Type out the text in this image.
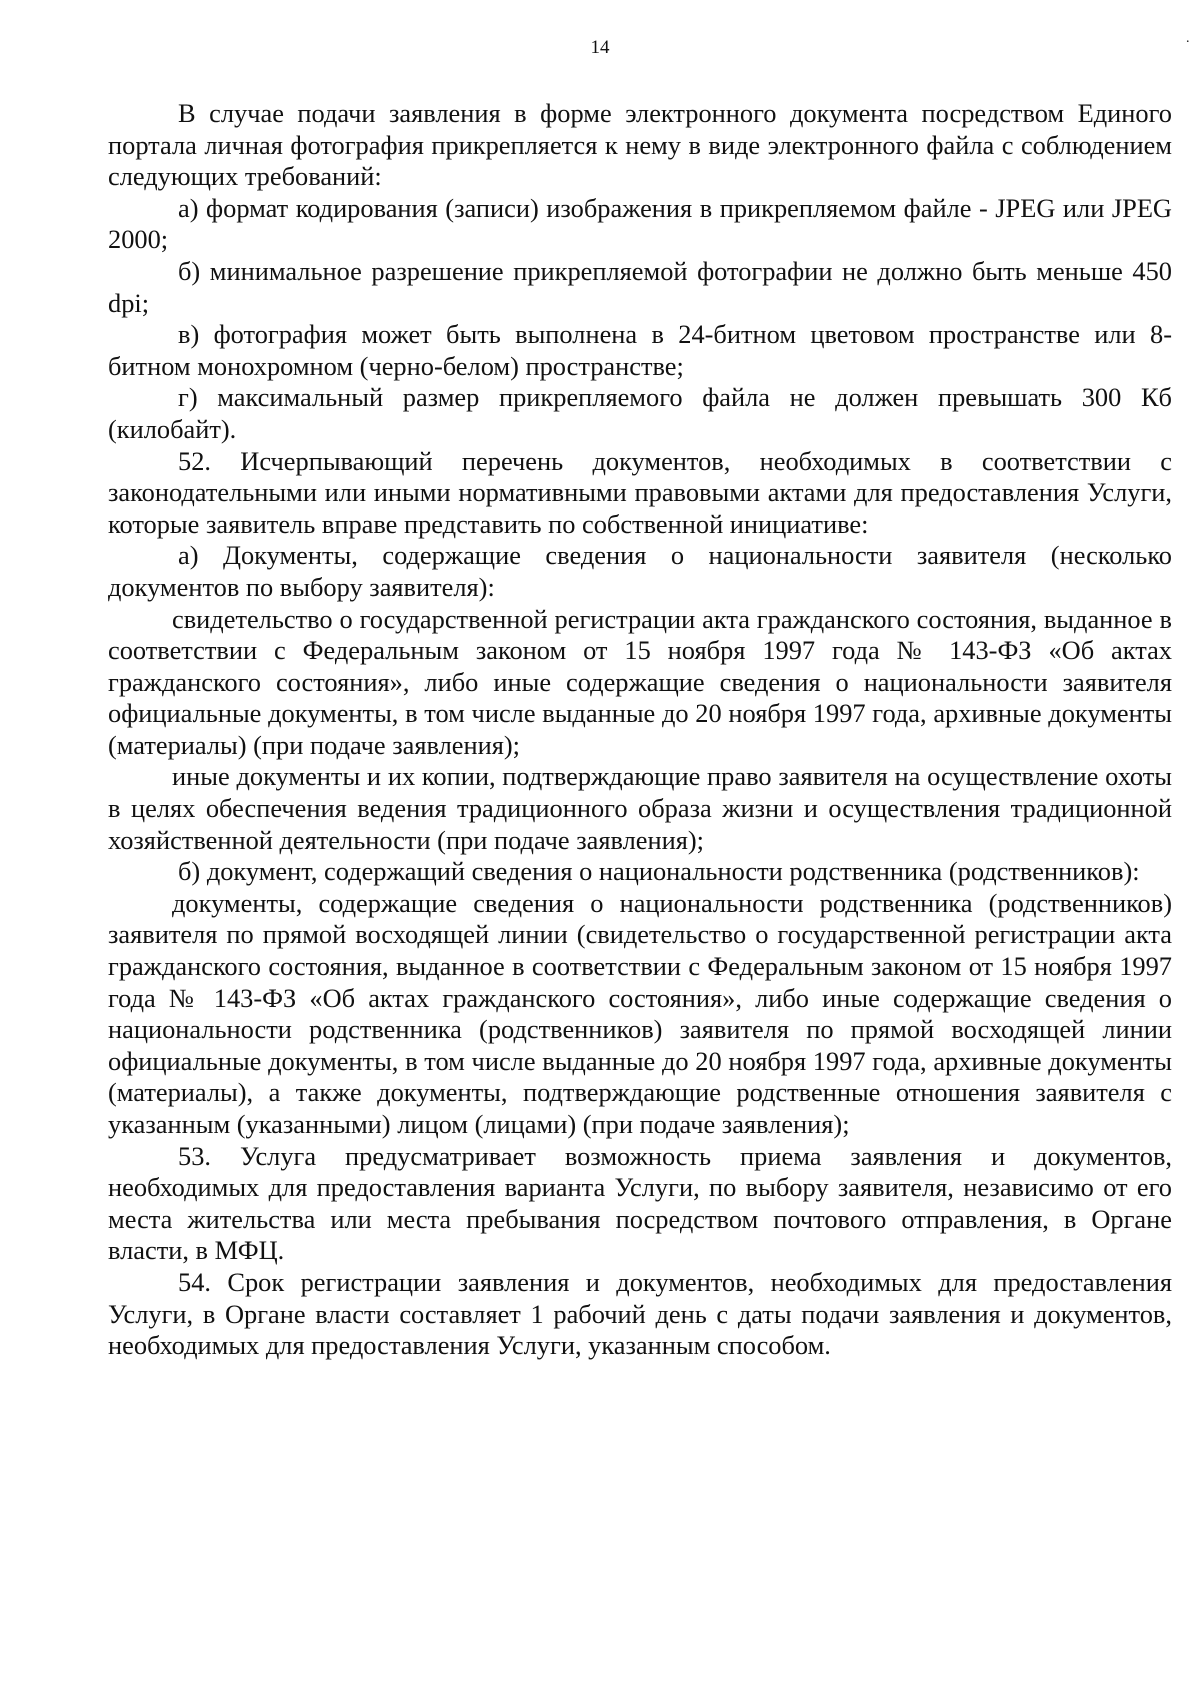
14	.

В случае подачи заявления в форме электронного документа посредством Единого портала личная фотография прикрепляется к нему в виде электронного файла с соблюдением следующих требований:

а) формат кодирования (записи) изображения в прикрепляемом файле - JPEG или JPEG 2000;

б) минимальное разрешение прикрепляемой фотографии не должно быть меньше 450 dpi;

в) фотография может быть выполнена в 24-битном цветовом пространстве или 8-битном монохромном (черно-белом) пространстве;

г) максимальный размер прикрепляемого файла не должен превышать 300 Кб (килобайт).

52. Исчерпывающий перечень документов, необходимых в соответствии с законодательными или иными нормативными правовыми актами для предоставления Услуги, которые заявитель вправе представить по собственной инициативе:

а) Документы, содержащие сведения о национальности заявителя (несколько документов по выбору заявителя):

свидетельство о государственной регистрации акта гражданского состояния, выданное в соответствии с Федеральным законом от 15 ноября 1997 года № 143-ФЗ «Об актах гражданского состояния», либо иные содержащие сведения о национальности заявителя официальные документы, в том числе выданные до 20 ноября 1997 года, архивные документы (материалы) (при подаче заявления);

иные документы и их копии, подтверждающие право заявителя на осуществление охоты в целях обеспечения ведения традиционного образа жизни и осуществления традиционной хозяйственной деятельности (при подаче заявления);

б) документ, содержащий сведения о национальности родственника (родственников):

документы, содержащие сведения о национальности родственника (родственников) заявителя по прямой восходящей линии (свидетельство о государственной регистрации акта гражданского состояния, выданное в соответствии с Федеральным законом от 15 ноября 1997 года № 143-ФЗ «Об актах гражданского состояния», либо иные содержащие сведения о национальности родственника (родственников) заявителя по прямой восходящей линии официальные документы, в том числе выданные до 20 ноября 1997 года, архивные документы (материалы), а также документы, подтверждающие родственные отношения заявителя с указанным (указанными) лицом (лицами) (при подаче заявления);

53. Услуга предусматривает возможность приема заявления и документов, необходимых для предоставления варианта Услуги, по выбору заявителя, независимо от его места жительства или места пребывания посредством почтового отправления, в Органе власти, в МФЦ.

54. Срок регистрации заявления и документов, необходимых для предоставления Услуги, в Органе власти составляет 1 рабочий день с даты подачи заявления и документов, необходимых для предоставления Услуги, указанным способом.
